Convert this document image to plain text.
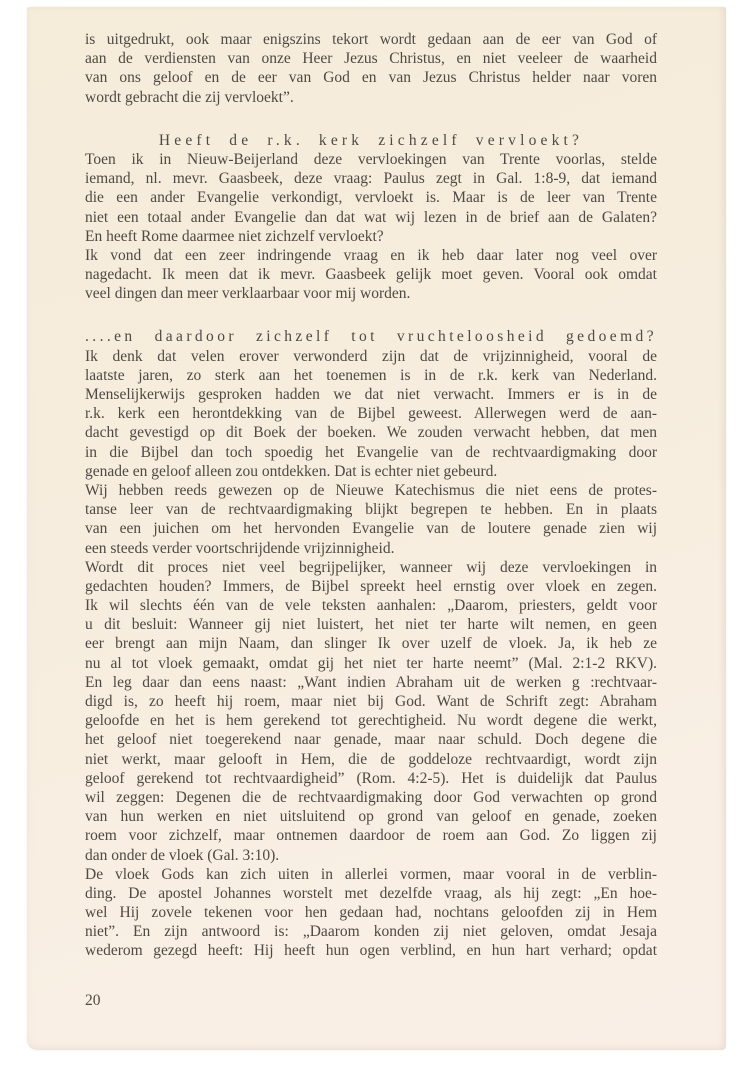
is uitgedrukt, ook maar enigszins tekort wordt gedaan aan de eer van God of
aan de verdiensten van onze Heer Jezus Christus, en niet veeleer de waarheid
van ons geloof en de eer van God en van Jezus Christus helder naar voren
wordt gebracht die zij vervloekt”.
Heeft de r.k. kerk zichzelf vervloekt?
Toen ik in Nieuw-Beijerland deze vervloekingen van Trente voorlas, stelde
iemand, nl. mevr. Gaasbeek, deze vraag: Paulus zegt in Gal. 1:8-9, dat iemand
die een ander Evangelie verkondigt, vervloekt is. Maar is de leer van Trente
niet een totaal ander Evangelie dan dat wat wij lezen in de brief aan de Galaten?
En heeft Rome daarmee niet zichzelf vervloekt?
Ik vond dat een zeer indringende vraag en ik heb daar later nog veel over
nagedacht. Ik meen dat ik mevr. Gaasbeek gelijk moet geven. Vooral ook omdat
veel dingen dan meer verklaarbaar voor mij worden.
....en daardoor zichzelf tot vruchteloosheid gedoemd?
Ik denk dat velen erover verwonderd zijn dat de vrijzinnigheid, vooral de
laatste jaren, zo sterk aan het toenemen is in de r.k. kerk van Nederland.
Menselijkerwijs gesproken hadden we dat niet verwacht. Immers er is in de
r.k. kerk een herontdekking van de Bijbel geweest. Allerwegen werd de aan-
dacht gevestigd op dit Boek der boeken. We zouden verwacht hebben, dat men
in die Bijbel dan toch spoedig het Evangelie van de rechtvaardigmaking door
genade en geloof alleen zou ontdekken. Dat is echter niet gebeurd.
Wij hebben reeds gewezen op de Nieuwe Katechismus die niet eens de protes-
tanse leer van de rechtvaardigmaking blijkt begrepen te hebben. En in plaats
van een juichen om het hervonden Evangelie van de loutere genade zien wij
een steeds verder voortschrijdende vrijzinnigheid.
Wordt dit proces niet veel begrijpelijker, wanneer wij deze vervloekingen in
gedachten houden? Immers, de Bijbel spreekt heel ernstig over vloek en zegen.
Ik wil slechts één van de vele teksten aanhalen: „Daarom, priesters, geldt voor
u dit besluit: Wanneer gij niet luistert, het niet ter harte wilt nemen, en geen
eer brengt aan mijn Naam, dan slinger Ik over uzelf de vloek. Ja, ik heb ze
nu al tot vloek gemaakt, omdat gij het niet ter harte neemt” (Mal. 2:1-2 RKV).
En leg daar dan eens naast: „Want indien Abraham uit de werken g :rechtvaar-
digd is, zo heeft hij roem, maar niet bij God. Want de Schrift zegt: Abraham
geloofde en het is hem gerekend tot gerechtigheid. Nu wordt degene die werkt,
het geloof niet toegerekend naar genade, maar naar schuld. Doch degene die
niet werkt, maar gelooft in Hem, die de goddeloze rechtvaardigt, wordt zijn
geloof gerekend tot rechtvaardigheid” (Rom. 4:2-5). Het is duidelijk dat Paulus
wil zeggen: Degenen die de rechtvaardigmaking door God verwachten op grond
van hun werken en niet uitsluitend op grond van geloof en genade, zoeken
roem voor zichzelf, maar ontnemen daardoor de roem aan God. Zo liggen zij
dan onder de vloek (Gal. 3:10).
De vloek Gods kan zich uiten in allerlei vormen, maar vooral in de verblin-
ding. De apostel Johannes worstelt met dezelfde vraag, als hij zegt: „En hoe-
wel Hij zovele tekenen voor hen gedaan had, nochtans geloofden zij in Hem
niet”. En zijn antwoord is: „Daarom konden zij niet geloven, omdat Jesaja
wederom gezegd heeft: Hij heeft hun ogen verblind, en hun hart verhard; opdat
20
